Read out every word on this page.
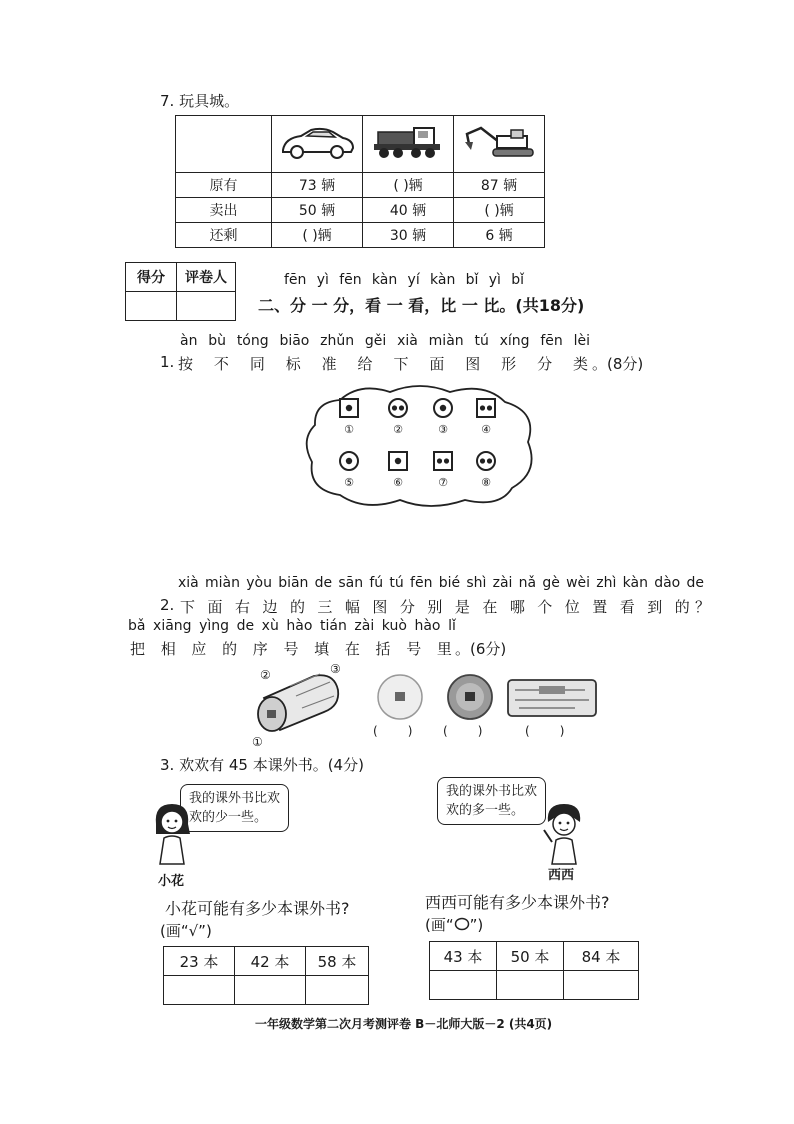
7. 玩具城。

原有	73 辆	( )辆	87 辆
卖出	50 辆	40 辆	( )辆
还剩	( )辆	30 辆	6 辆
得分	评卷人
		fēn yì fēn kàn yí kàn bǐ yì bǐ
二、分 一 分，看 一 看，比 一 比。(共18分)
àn bù tóng biāo zhǔn gěi xià miàn tú xíng fēn lèi
1. 按 不 同 标 准 给 下 面 图 形 分 类 。(8分)
①	②	③	④
⑤	⑥	⑦	⑧
xià miàn yòu biān de sān fú tú fēn bié shì zài nǎ gè wèi zhì kàn dào de
2. 下 面 右 边 的 三 幅 图 分 别 是 在 哪 个 位 置 看 到 的 ？
bǎ xiāng yìng de xù hào tián zài kuò hào lǐ
把 相 应 的 序 号 填 在 括 号 里 。(6分)
②	③
①
(	)	(	)	(	)
3. 欢欢有 45 本课外书。(4分)
我的课外书比欢
欢的少一些。
小花
小花可能有多少本课外书?
(画“√”)
23 本	42 本	58 本

我的课外书比欢
欢的多一些。
西西
西西可能有多少本课外书?
(画“○”)
43 本	50 本	84 本

一年级数学第二次月考测评卷 B－北师大版－2 (共4页)
